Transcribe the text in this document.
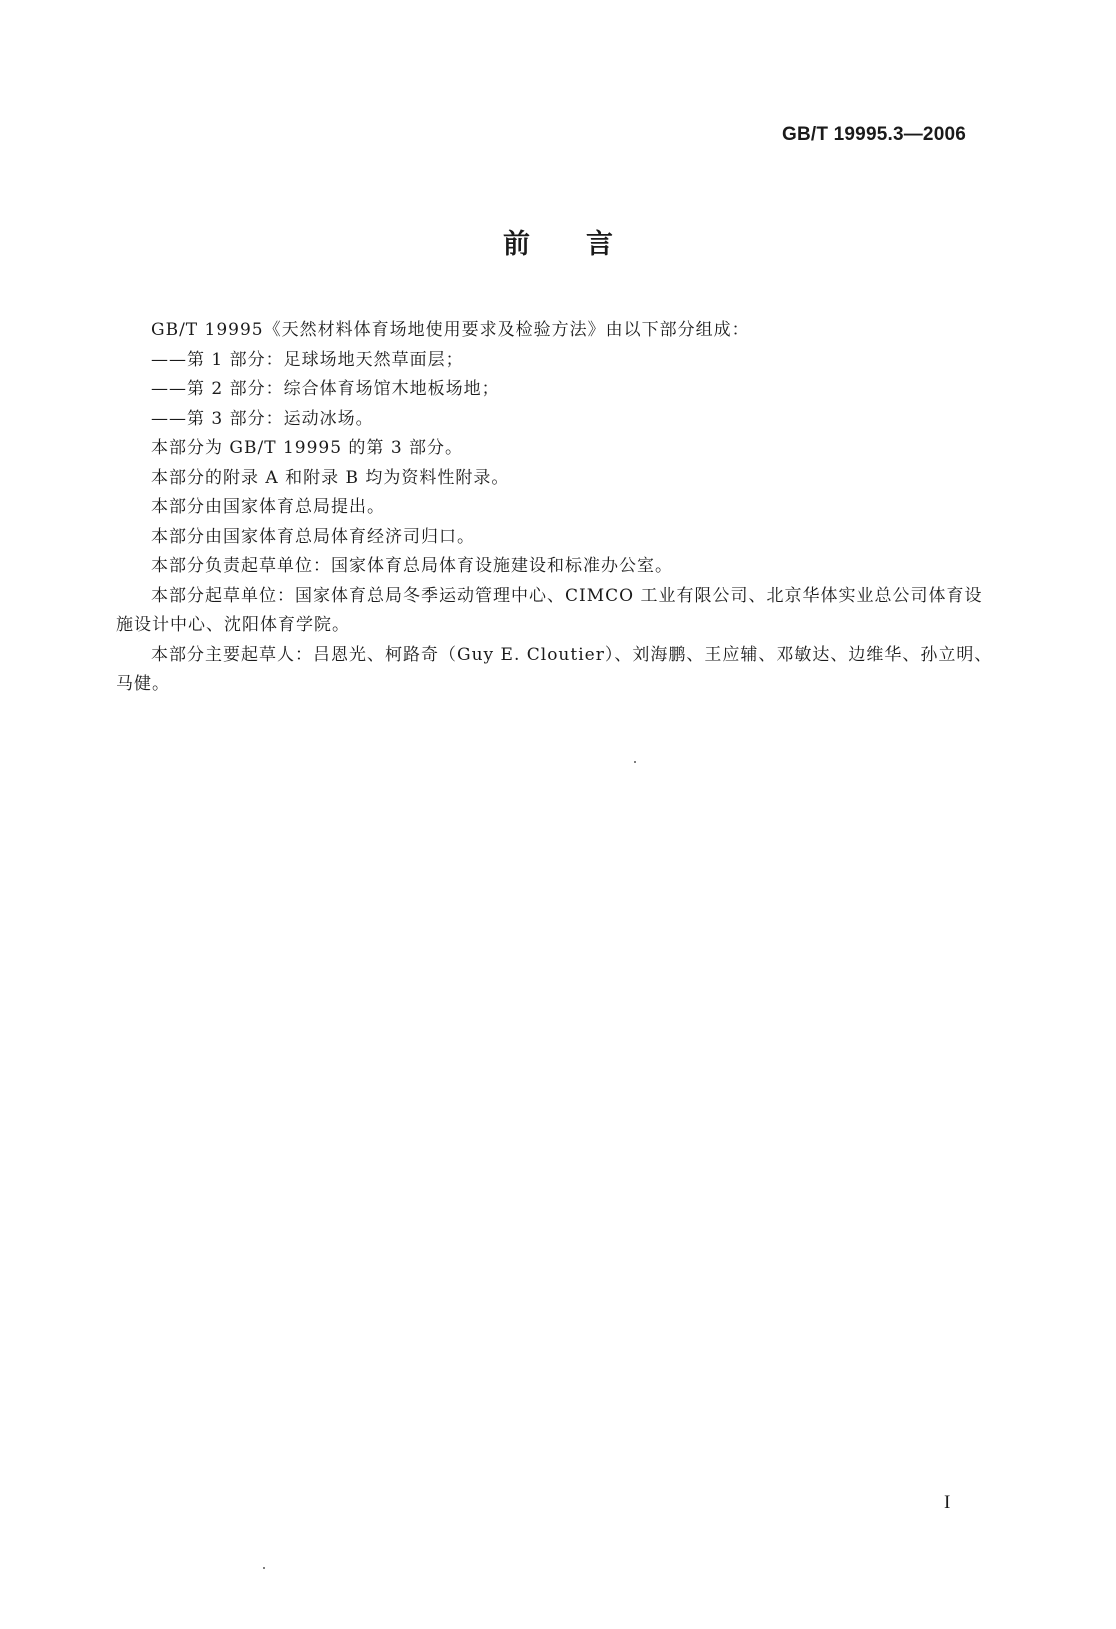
GB/T 19995.3—2006
前言

GB/T 19995《天然材料体育场地使用要求及检验方法》由以下部分组成：

——第 1 部分：足球场地天然草面层；

——第 2 部分：综合体育场馆木地板场地；

——第 3 部分：运动冰场。

本部分为 GB/T 19995 的第 3 部分。

本部分的附录 A 和附录 B 均为资料性附录。

本部分由国家体育总局提出。

本部分由国家体育总局体育经济司归口。

本部分负责起草单位：国家体育总局体育设施建设和标准办公室。

本部分起草单位：国家体育总局冬季运动管理中心、CIMCO 工业有限公司、北京华体实业总公司体育设施设计中心、沈阳体育学院。

本部分主要起草人：吕恩光、柯路奇（Guy E. Cloutier）、刘海鹏、王应辅、邓敏达、边维华、孙立明、马健。

I
